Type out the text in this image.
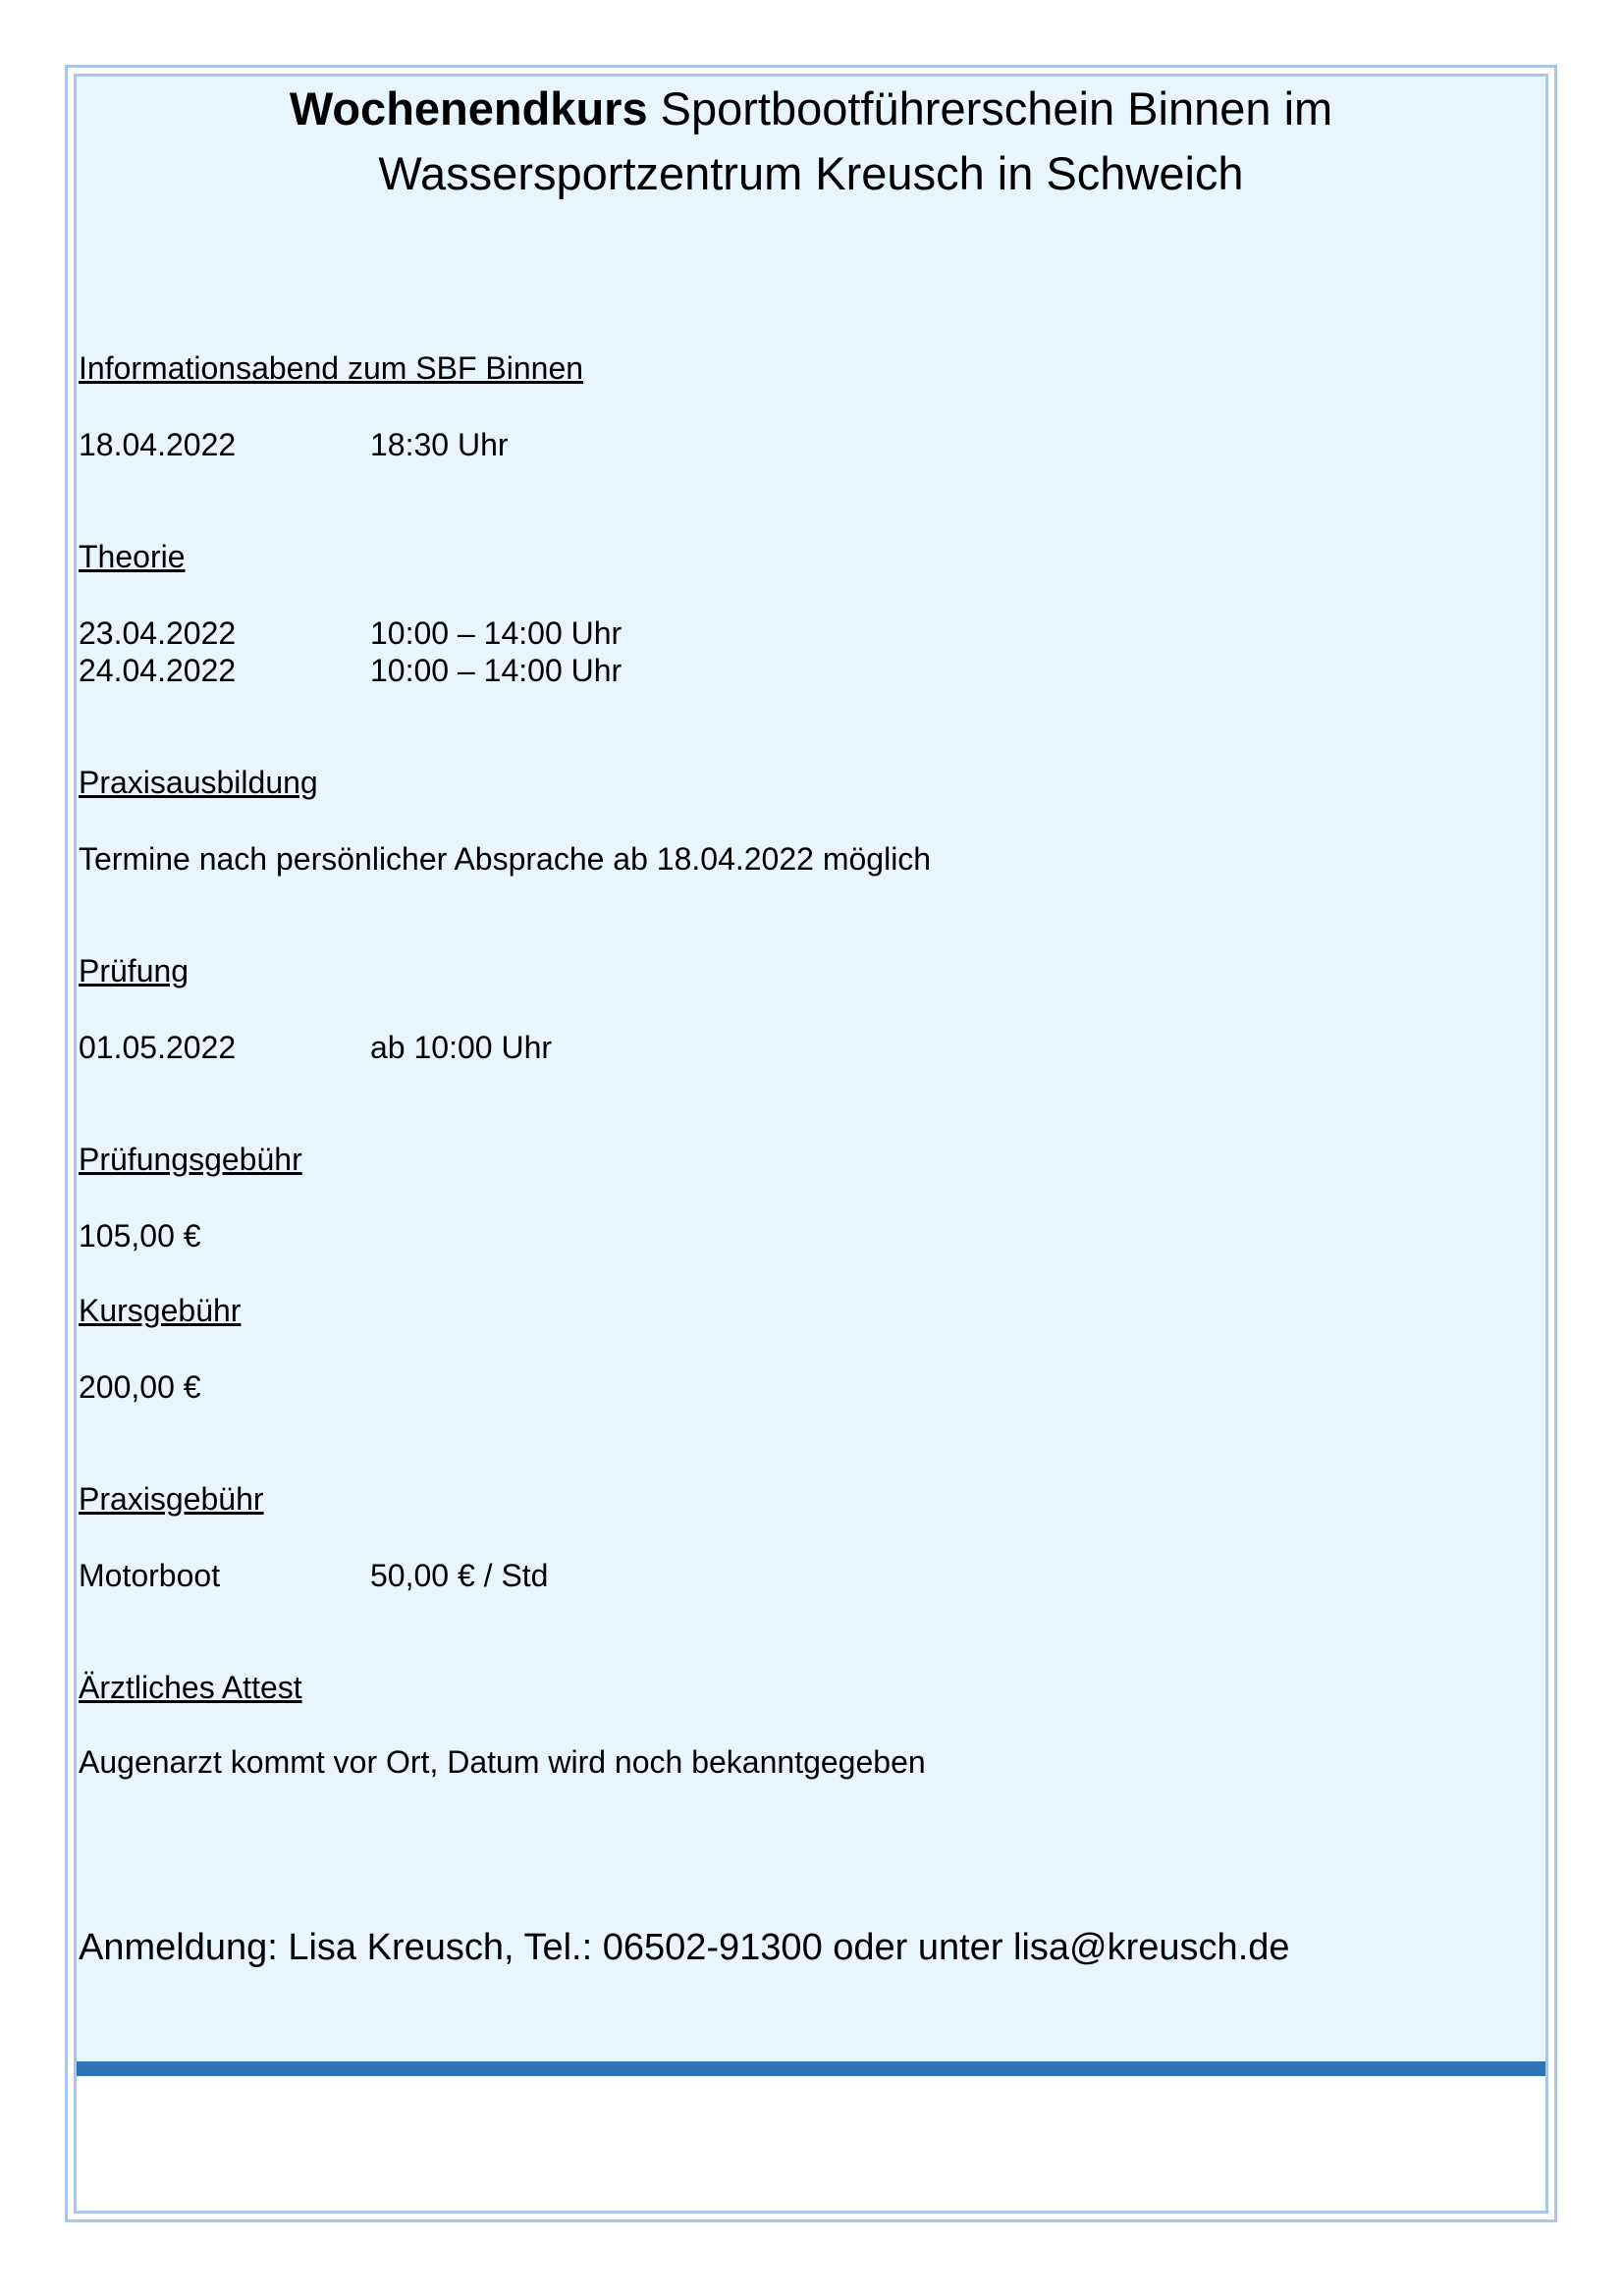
Wochenendkurs Sportbootführerschein Binnen im
Wassersportzentrum Kreusch in Schweich
Informationsabend zum SBF Binnen
18.04.2022	18:30 Uhr
Theorie
23.04.2022	10:00 – 14:00 Uhr
24.04.2022	10:00 – 14:00 Uhr
Praxisausbildung
Termine nach persönlicher Absprache ab 18.04.2022 möglich
Prüfung
01.05.2022	ab 10:00 Uhr
Prüfungsgebühr
105,00 €
Kursgebühr
200,00 €
Praxisgebühr
Motorboot	50,00 € / Std
Ärztliches Attest
Augenarzt kommt vor Ort, Datum wird noch bekanntgegeben
Anmeldung: Lisa Kreusch, Tel.: 06502-91300 oder unter lisa@kreusch.de
